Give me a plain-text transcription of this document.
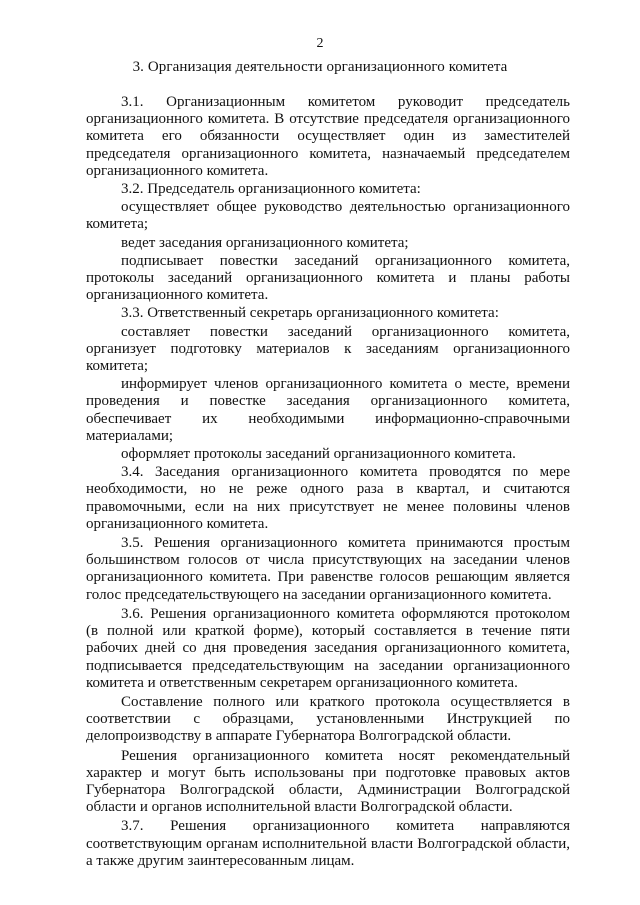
2
3. Организация деятельности организационного комитета

3.1. Организационным комитетом руководит председатель организационного комитета. В отсутствие председателя организационного комитета его обязанности осуществляет один из заместителей председателя организационного комитета, назначаемый председателем организационного комитета.

3.2. Председатель организационного комитета:

осуществляет общее руководство деятельностью организационного комитета;

ведет заседания организационного комитета;

подписывает повестки заседаний организационного комитета, протоколы заседаний организационного комитета и планы работы организационного комитета.

3.3. Ответственный секретарь организационного комитета:

составляет повестки заседаний организационного комитета, организует подготовку материалов к заседаниям организационного комитета;

информирует членов организационного комитета о месте, времени проведения и повестке заседания организационного комитета, обеспечивает их необходимыми информационно-справочными материалами;

оформляет протоколы заседаний организационного комитета.

3.4. Заседания организационного комитета проводятся по мере необходимости, но не реже одного раза в квартал, и считаются правомочными, если на них присутствует не менее половины членов организационного комитета.

3.5. Решения организационного комитета принимаются простым большинством голосов от числа присутствующих на заседании членов организационного комитета. При равенстве голосов решающим является голос председательствующего на заседании организационного комитета.

3.6. Решения организационного комитета оформляются протоколом (в полной или краткой форме), который составляется в течение пяти рабочих дней со дня проведения заседания организационного комитета, подписывается председательствующим на заседании организационного комитета и ответственным секретарем организационного комитета.

Составление полного или краткого протокола осуществляется в соответствии с образцами, установленными Инструкцией по делопроизводству в аппарате Губернатора Волгоградской области.

Решения организационного комитета носят рекомендательный характер и могут быть использованы при подготовке правовых актов Губернатора Волгоградской области, Администрации Волгоградской области и органов исполнительной власти Волгоградской области.

3.7. Решения организационного комитета направляются соответствующим органам исполнительной власти Волгоградской области, а также другим заинтересованным лицам.
